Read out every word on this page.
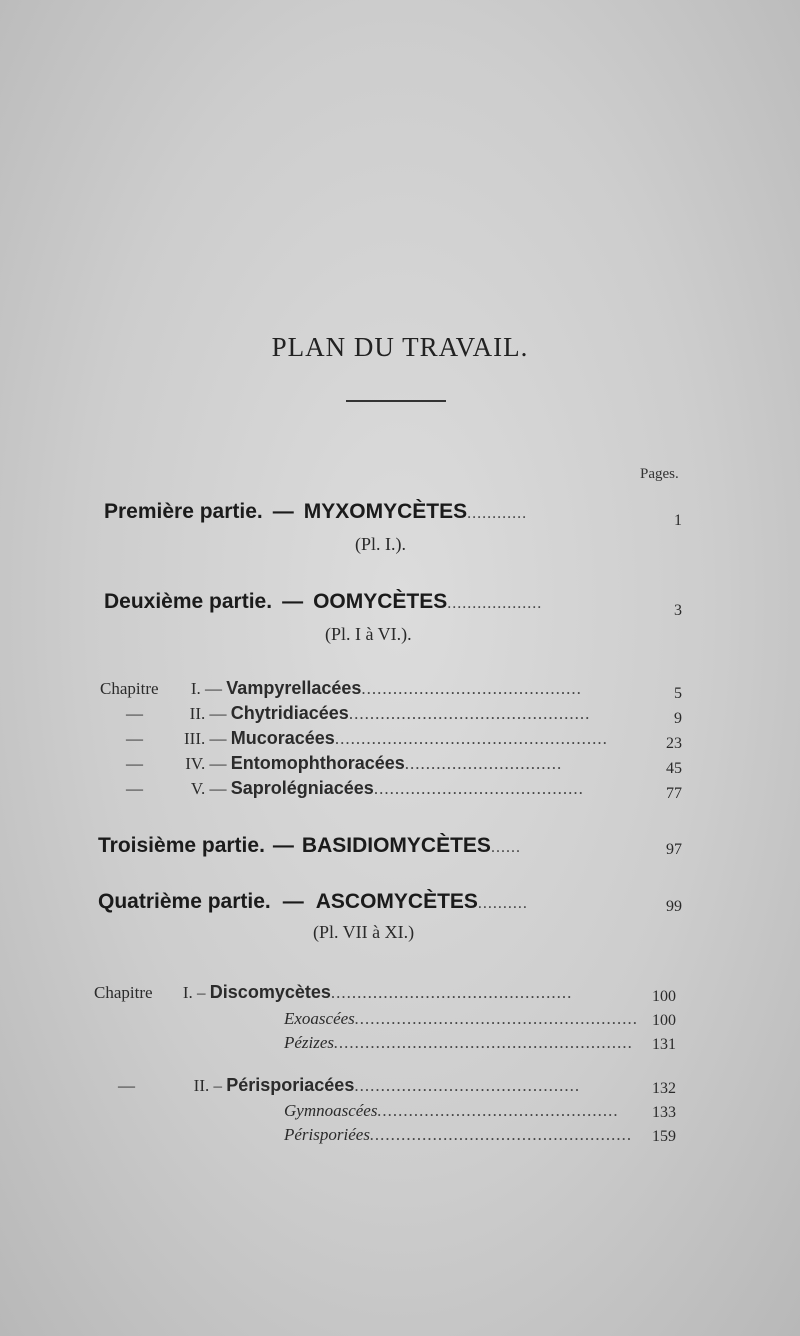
PLAN DU TRAVAIL.
Pages.
Première partie. — MYXOMYCÈTES............	1
(Pl. I.).
Deuxième partie. — OOMYCÈTES...................	3
(Pl. I à VI.).
Chapitre I. — Vampyrellacées..........................................	5
—	II. — Chytridiacées..............................................	9
— III. — Mucoracées....................................................	23
— IV. — Entomophthoracées..............................	45
—	V. — Saprolégniacées........................................	77
Troisième partie. — BASIDIOMYCÈTES......	97
Quatrième partie. — ASCOMYCÈTES..........	99
(Pl. VII à XI.)
Chapitre I. – Discomycètes..............................................	100
Exoascées...................................................... 100
Pézizes.........................................................	131
—	II. – Périsporiacées...........................................	132
Gymnoascées..............................................	133
Périsporiées..................................................	159
